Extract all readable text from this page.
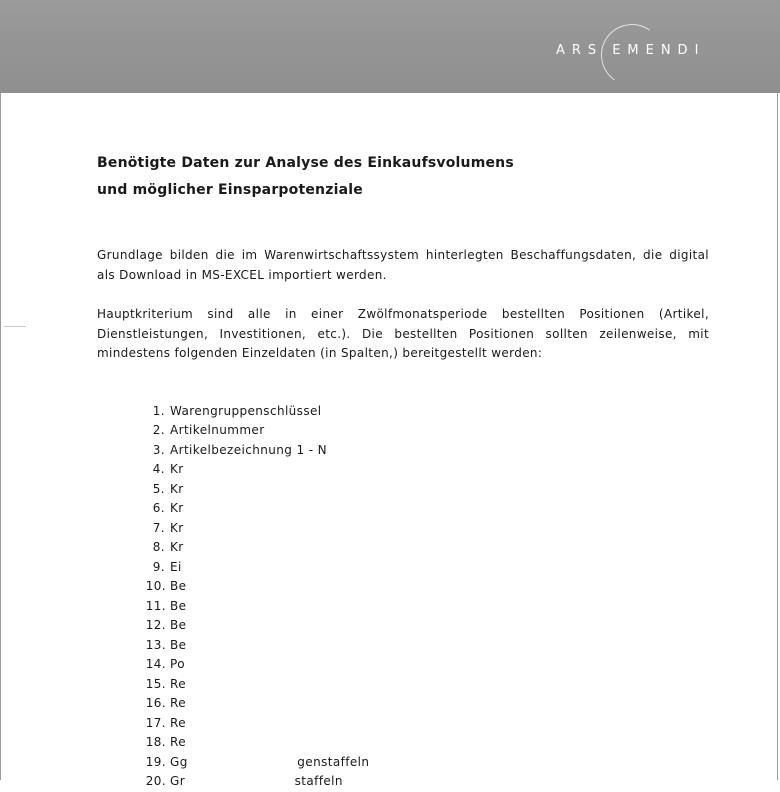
ARS EMENDI
Benötigte Daten zur Analyse des Einkaufsvolumens
und möglicher Einsparpotenziale

Grundlage bilden die im Warenwirtschaftssystem hinterlegten Beschaffungsdaten, die digital als Download in MS-EXCEL importiert werden.

Hauptkriterium sind alle in einer Zwölfmonatsperiode bestellten Positionen (Artikel, Dienstleistungen, Investitionen, etc.). Die bestellten Positionen sollten zeilenweise, mit mindestens folgenden Einzeldaten (in Spalten,) bereitgestellt werden:

1. Warengruppenschlüssel
2. Artikelnummer
3. Artikelbezeichnung 1 - N
4. Kr
5. Kr
6. Kr
7. Kr
8. Kr
9. Ei
10. Be
11. Be
12. Be
13. Be
14. Po
15. Re
16. Re
17. Re
18. Re
19. Gg                          genstaffeln
20. Gr                          staffeln
